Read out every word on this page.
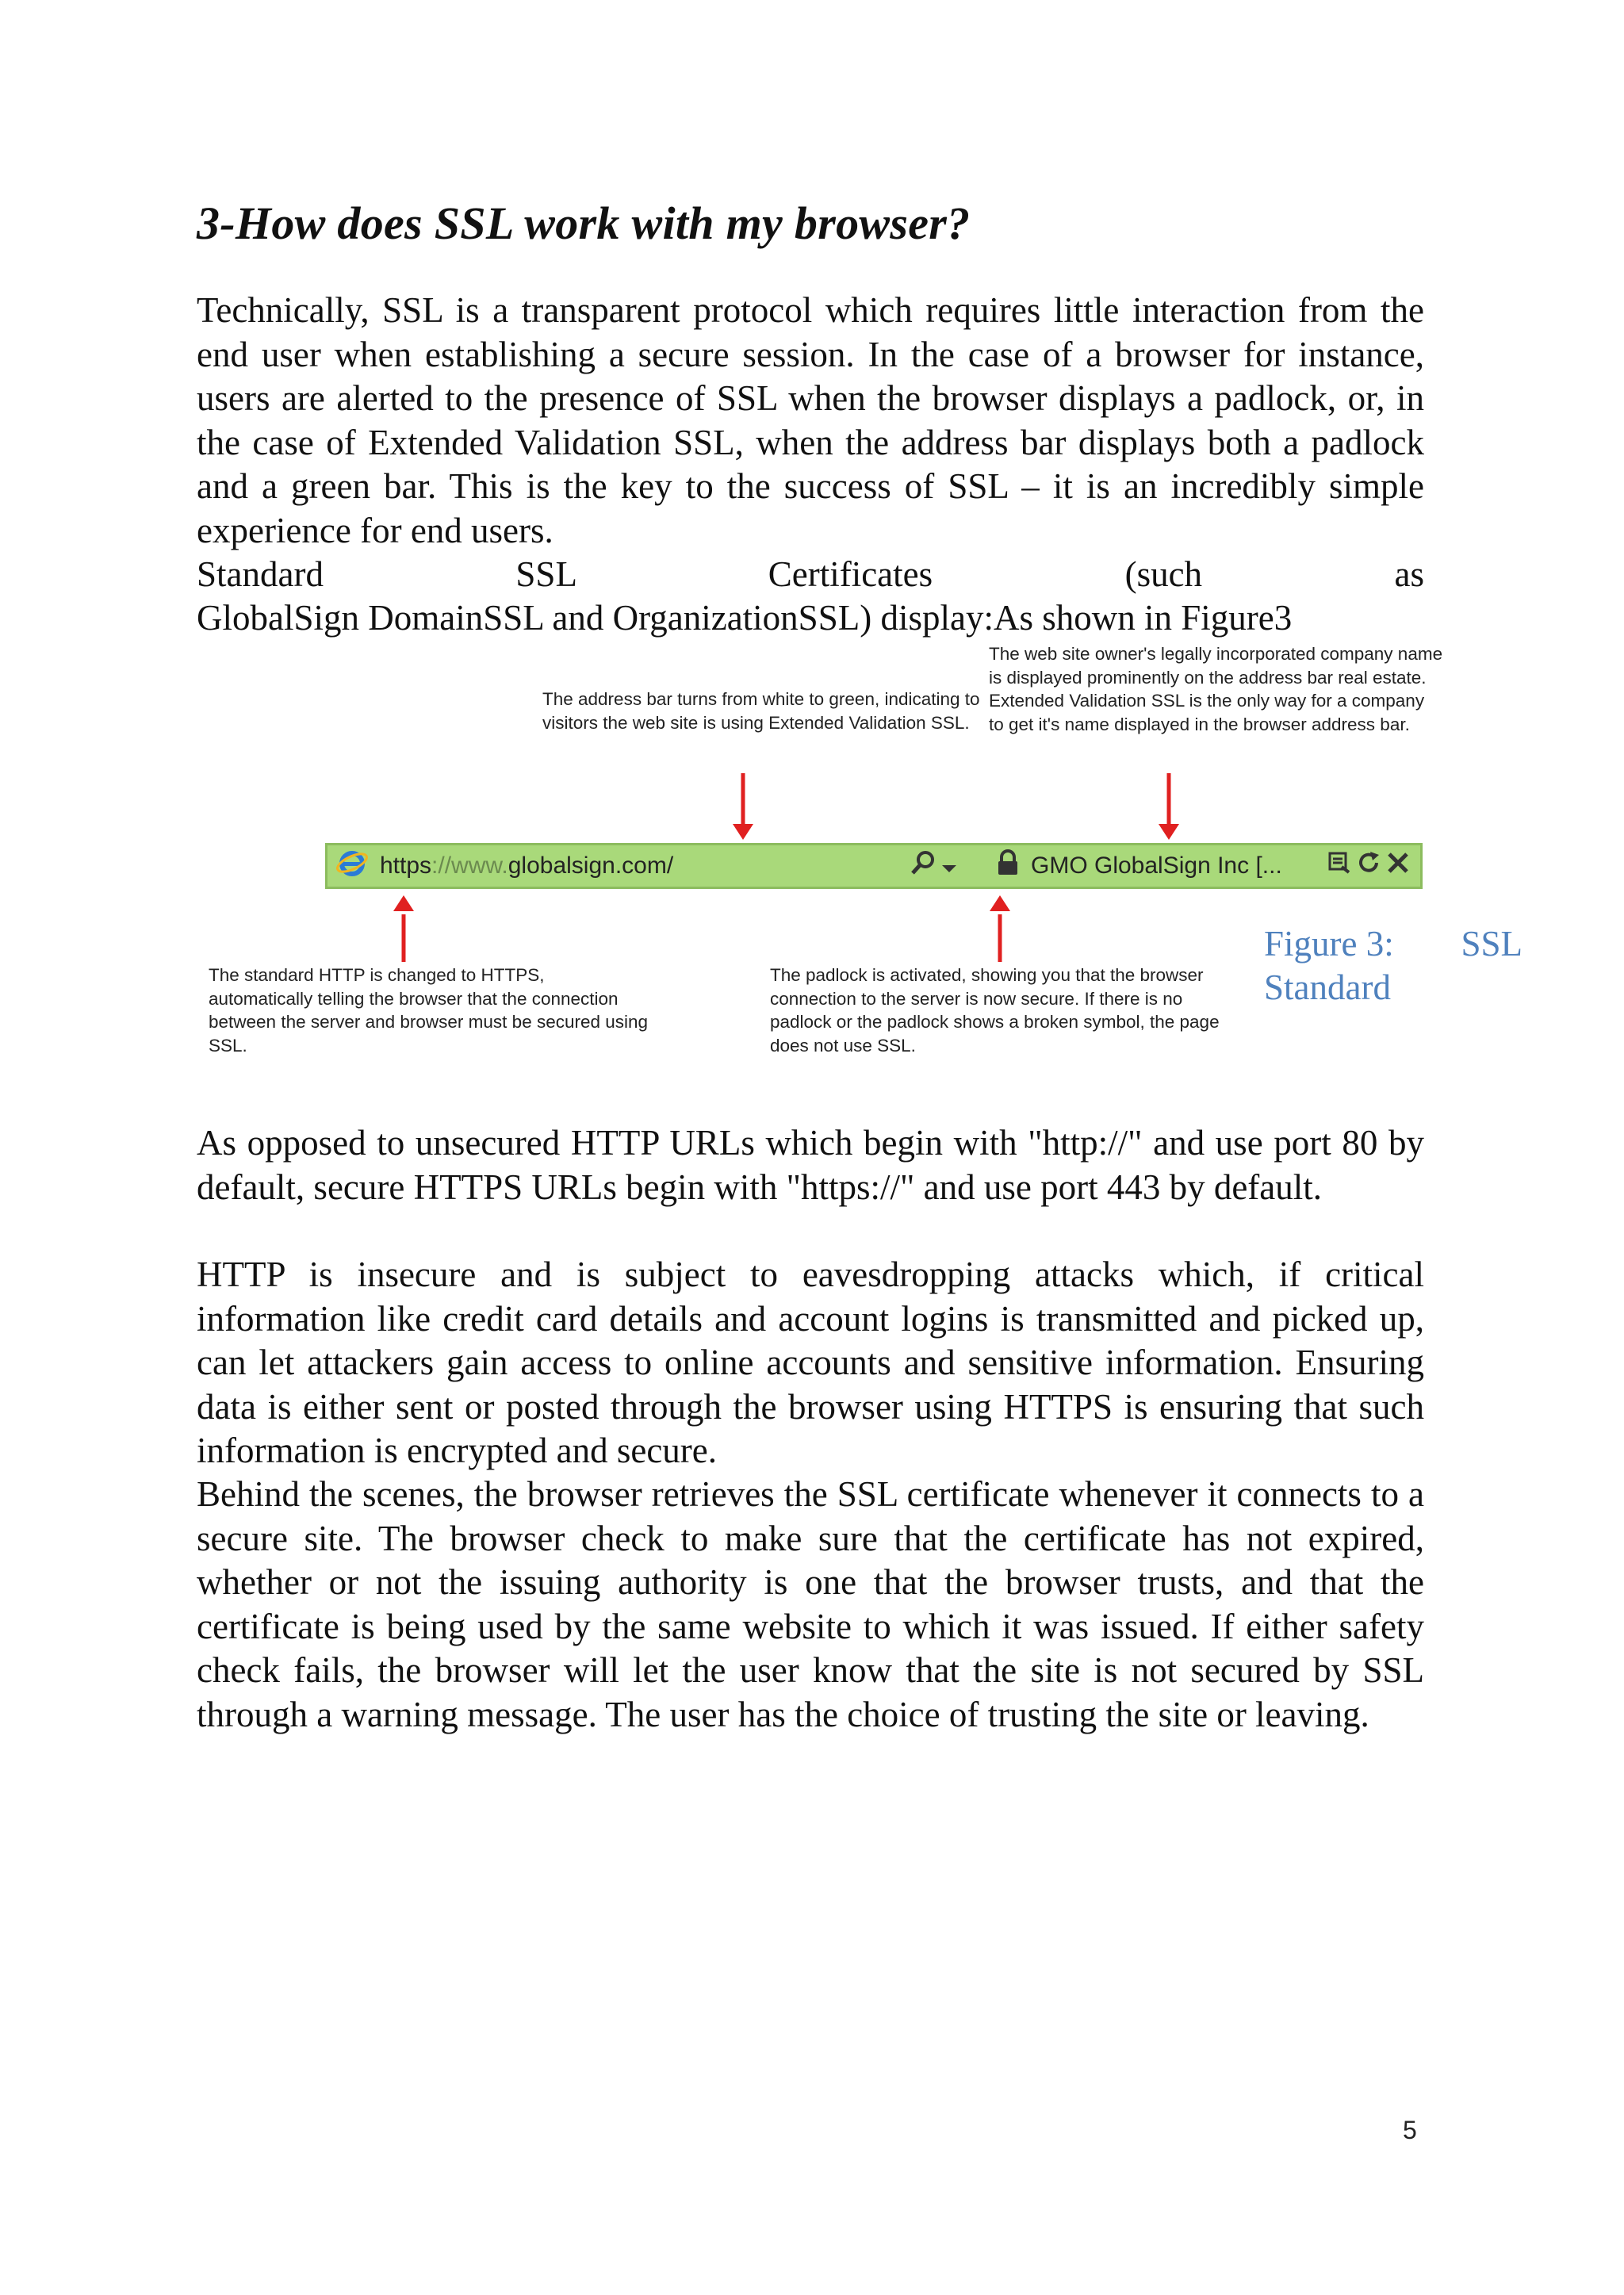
3-How does SSL work with my browser?

Technically, SSL is a transparent protocol which requires little interaction from the end user when establishing a secure session. In the case of a browser for instance, users are alerted to the presence of SSL when the browser displays a padlock, or, in the case of Extended Validation SSL, when the address bar displays both a padlock and a green bar. This is the key to the success of SSL – it is an incredibly simple experience for end users.

Standard SSL Certificates (such as

GlobalSign DomainSSL and OrganizationSSL) display:As shown in Figure3

The address bar turns from white to green, indicating to visitors the web site is using Extended Validation SSL.

The web site owner's legally incorporated company name is displayed prominently on the address bar real estate. Extended Validation SSL is the only way for a company to get it's name displayed in the browser address bar.

The standard HTTP is changed to HTTPS, automatically telling the browser that the connection between the server and browser must be secured using SSL.

The padlock is activated, showing you that the browser connection to the server is now secure. If there is no padlock or the padlock shows a broken symbol, the page does not use SSL.

https://www.globalsign.com/	GMO GlobalSign Inc [...
Figure 3: SSL
Standard

As opposed to unsecured HTTP URLs which begin with "http://" and use port 80 by default, secure HTTPS URLs begin with "https://" and use port 443 by default.

HTTP is insecure and is subject to eavesdropping attacks which, if critical information like credit card details and account logins is transmitted and picked up, can let attackers gain access to online accounts and sensitive information. Ensuring data is either sent or posted through the browser using HTTPS is ensuring that such information is encrypted and secure.

Behind the scenes, the browser retrieves the SSL certificate whenever it connects to a secure site. The browser check to make sure that the certificate has not expired, whether or not the issuing authority is one that the browser trusts, and that the certificate is being used by the same website to which it was issued. If either safety check fails, the browser will let the user know that the site is not secured by SSL through a warning message. The user has the choice of trusting the site or leaving.

5
